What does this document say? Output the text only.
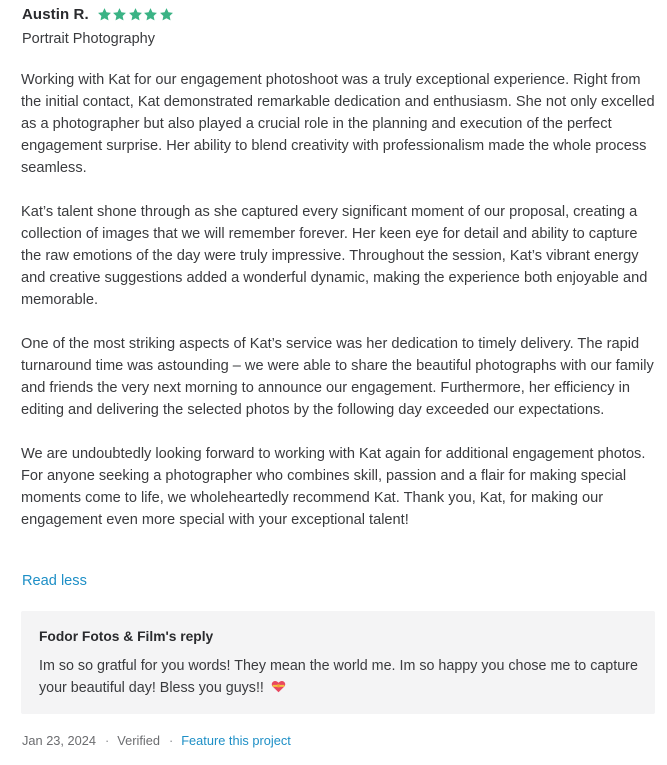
Austin R.
Portrait Photography

Working with Kat for our engagement photoshoot was a truly exceptional experience. Right from the initial contact, Kat demonstrated remarkable dedication and enthusiasm. She not only excelled as a photographer but also played a crucial role in the planning and execution of the perfect engagement surprise. Her ability to blend creativity with professionalism made the whole process seamless.

Kat’s talent shone through as she captured every significant moment of our proposal, creating a collection of images that we will remember forever. Her keen eye for detail and ability to capture the raw emotions of the day were truly impressive. Throughout the session, Kat’s vibrant energy and creative suggestions added a wonderful dynamic, making the experience both enjoyable and memorable.

One of the most striking aspects of Kat’s service was her dedication to timely delivery. The rapid turnaround time was astounding – we were able to share the beautiful photographs with our family and friends the very next morning to announce our engagement. Furthermore, her efficiency in editing and delivering the selected photos by the following day exceeded our expectations.

We are undoubtedly looking forward to working with Kat again for additional engagement photos. For anyone seeking a photographer who combines skill, passion and a flair for making special moments come to life, we wholeheartedly recommend Kat. Thank you, Kat, for making our engagement even more special with your exceptional talent!

Read less
Fodor Fotos & Film's reply
Im so so gratful for you words! They mean the world me. Im so happy you chose me to capture your beautiful day! Bless you guys!!
Jan 23, 2024 · Verified · Feature this project
